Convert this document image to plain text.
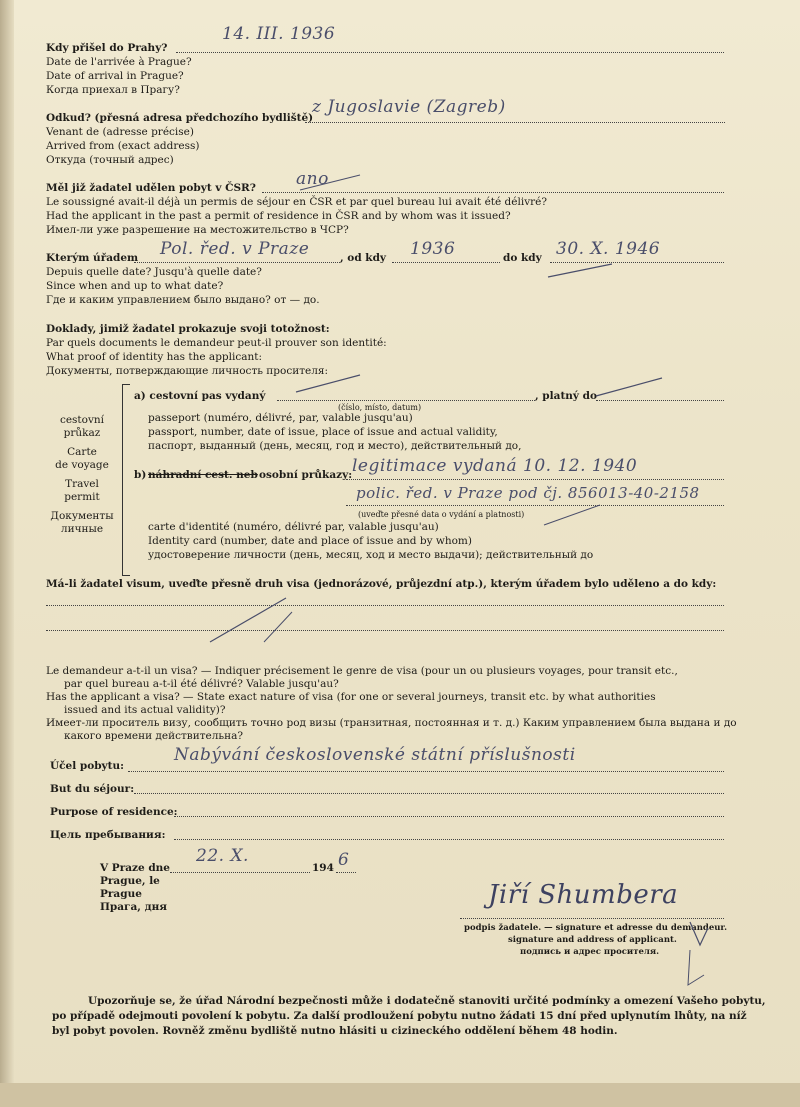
Kdy přišel do Prahy?
14. III. 1936
Date de l'arrivée à Prague?
Date of arrival in Prague?
Когда приехал в Прагу?
Odkud? (přesná adresa předchozího bydliště)
z Jugoslavie (Zagreb)
Venant de (adresse précise)
Arrived from (exact address)
Откуда (точный адрес)
Měl již žadatel udělen pobyt v ČSR? ano
Le soussigné avait-il déjà un permis de séjour en ČSR et par quel bureau lui avait été délivré?
Had the applicant in the past a permit of residence in ČSR and by whom was it issued?
Имел-ли уже разрешение на местожительство в ЧСР?
Kterým úřadem Pol. řed. v Praze	, od kdy 1936	do kdy 30. X. 1946
Depuis quelle date? Jusqu'à quelle date?
Since when and up to what date?
Где и каким управлением было выдано? от — до.
Doklady, jimiž žadatel prokazuje svoji totožnost:
Par quels documents le demandeur peut-il prouver son identité:
What proof of identity has the applicant:
Документы, потверждающие личность просителя:
cestovní
průkaz
Carte
de voyage
Travel
permit
Документы
личные
a) cestovní pas vydaný	, platný do
(číslo, místo, datum)
passeport (numéro, délivré, par, valable jusqu'au)
passport, number, date of issue, place of issue and actual validity,
паспорт, выданный (день, месяц, год и место), действительный до,
b) náhradní cest. neb osobní průkazy: legitimace vydaná 10. 12. 1940
polic. řed. v Praze pod čj. 856013-40-2158
(uveďte přesné data o vydání a platnosti)
carte d'identité (numéro, délivré par, valable jusqu'au)
Identity card (number, date and place of issue and by whom)
удостоверение личности (день, месяц, ход и место выдачи); действительный до
Má-li žadatel visum, uveďte přesně druh visa (jednorázové, průjezdní atp.), kterým úřadem bylo uděleno a do kdy:
Le demandeur a-t-il un visa? — Indiquer précisement le genre de visa (pour un ou plusieurs voyages, pour transit etc.,
par quel bureau a-t-il été délivré? Valable jusqu'au?
Has the applicant a visa? — State exact nature of visa (for one or several journeys, transit etc. by what authorities
issued and its actual validity)?
Имеет-ли проситель визу, сообщить точно род визы (транзитная, постоянная и т. д.) Каким управлением была выдана и до
какого времени действительна?
Účel pobytu:
Nabývání československé státní příslušnosti
But du séjour:
Purpose of residence:
Цель пребывания:
V Praze dne
22. X.
194 6
Prague, le
Prague
Прага, дня	Jiří Shumbera
podpis žadatele. — signature et adresse du demandeur.
signature and address of applicant.
подпись и адрес просителя.
Upozorňuje se, že úřad Národní bezpečnosti může i dodatečně stanoviti určité podmínky a omezení Vašeho pobytu,
po případě odejmouti povolení k pobytu. Za další prodloužení pobytu nutno žádati 15 dní před uplynutím lhůty, na níž
byl pobyt povolen. Rovněž změnu bydliště nutno hlásiti u cizineckého oddělení během 48 hodin.
